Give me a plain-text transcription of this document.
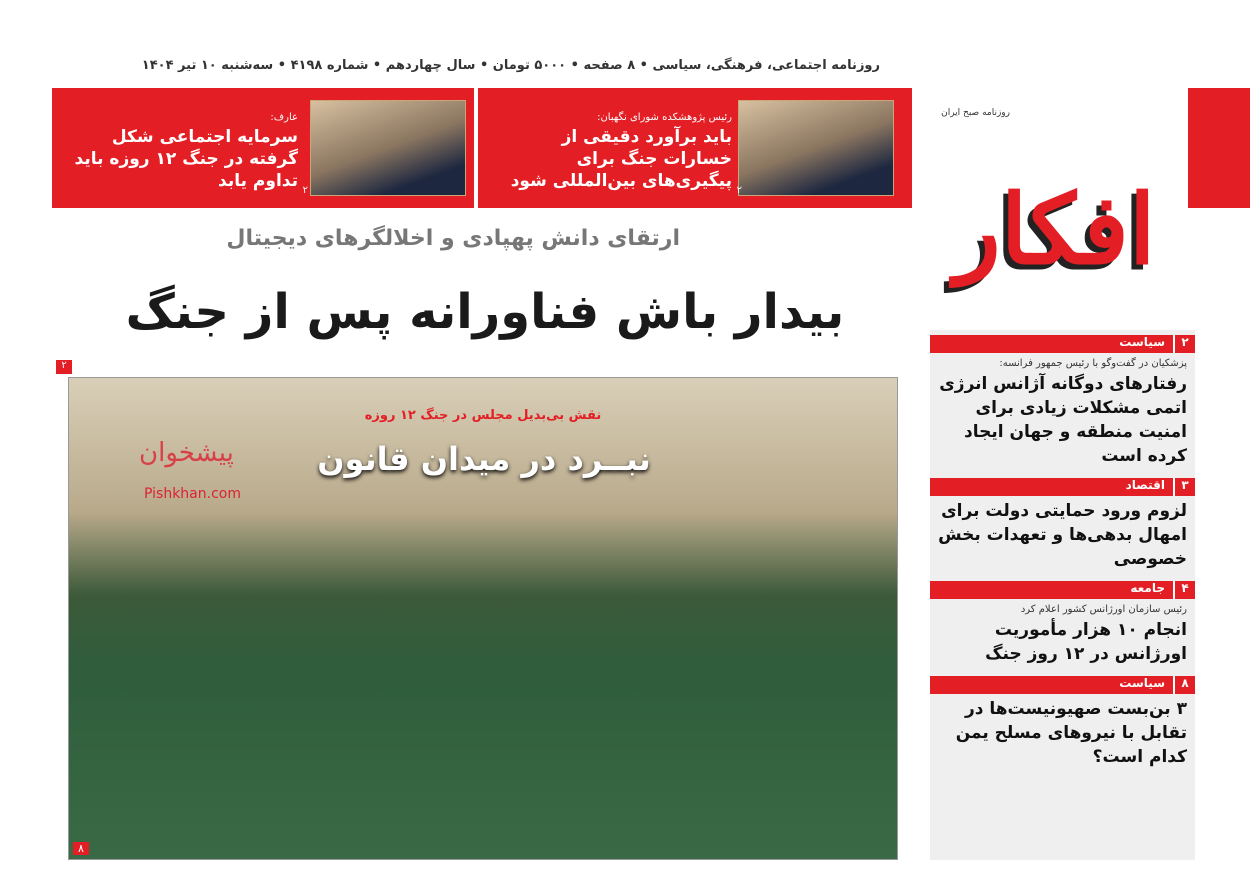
روزنامه اجتماعی، فرهنگی، سیاسی • ۸ صفحه • ۵۰۰۰ تومان • سال چهاردهم • شماره ۴۱۹۸ • سه‌شنبه ۱۰ تیر ۱۴۰۴
رئیس پژوهشکده شورای نگهبان:
باید برآورد دقیقی از خسارات جنگ برای پیگیری‌های بین‌المللی شود ۲
عارف:
سرمایه اجتماعی شکل گرفته در جنگ ۱۲ روزه باید تداوم یابد ۲
روزنامه صبح ایران
افکار
ارتقای دانش پهپادی و اخلالگرهای دیجیتال
بیدار باش فناورانه پس از جنگ
۲
نقش بی‌بدیل مجلس در جنگ ۱۲ روزه
نبــرد در میدان قانون
پیشخوان
Pishkhan.com
۸
۲
سیاست
پزشکیان در گفت‌وگو با رئیس جمهور فرانسه:
رفتارهای دوگانه آژانس انرژی اتمی مشکلات زیادی برای امنیت منطقه و جهان ایجاد کرده است
۳
اقتصاد
لزوم ورود حمایتی دولت برای امهال بدهی‌ها و تعهدات بخش خصوصی
۴
جامعه
رئیس سازمان اورژانس کشور اعلام کرد
انجام ۱۰ هزار مأموریت اورژانس در ۱۲ روز جنگ
۸
سیاست
۳ بن‌بست صهیونیست‌ها در تقابل با نیروهای مسلح یمن کدام است؟
